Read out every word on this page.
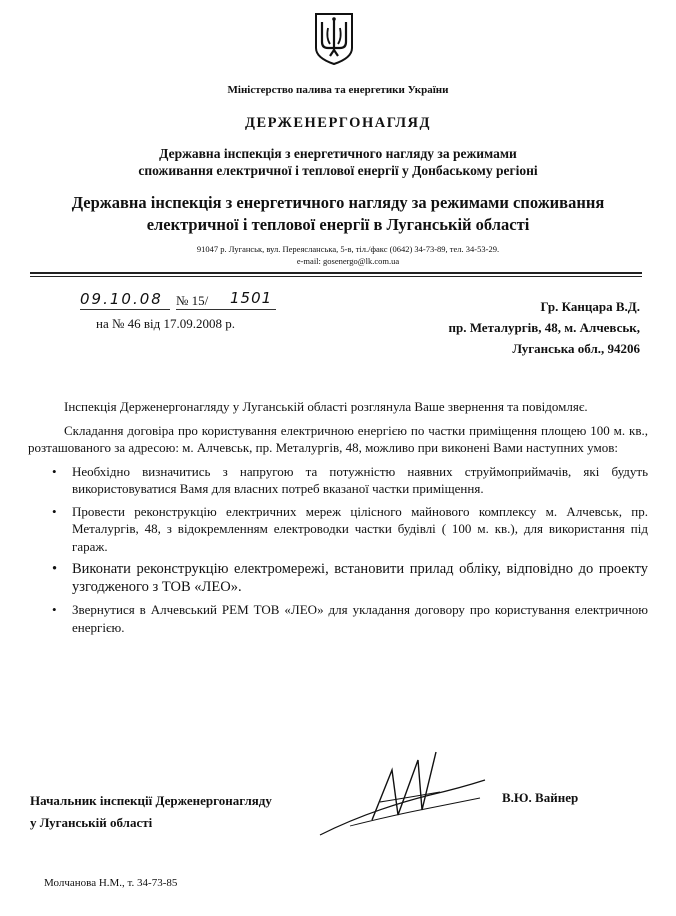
Міністерство палива та енергетики України
ДЕРЖЕНЕРГОНАГЛЯД
Державна інспекція з енергетичного нагляду за режимами
споживання електричної і теплової енергії у Донбаському регіоні
Державна інспекція з енергетичного нагляду за режимами споживання
електричної і теплової енергії в Луганській області
91047 р. Луганськ, вул. Переясланська, 5-в, тіл./факс (0642) 34-73-89, тел. 34-53-29.
e-mail: gosenergo@lk.com.ua
09.10.08 № 15/ 1501
на № 46 від 17.09.2008 р.
Гр. Канцара В.Д.
пр. Металургів, 48, м. Алчевськ,
Луганська обл., 94206

Інспекція Держенергонагляду у Луганській області розглянула Ваше звернення та повідомляє.

Складання договіра про користування електричною енергією по частки приміщення площею 100 м. кв., розташованого за адресою: м. Алчевськ, пр. Металургів, 48, можливо при виконені Вами наступних умов:

• Необхідно визначитись з напругою та потужністю наявних струймоприймачів, які будуть використовуватися Вамя для власних потреб вказаної частки приміщення.
• Провести реконструкцію електричних мереж цілісного майнового комплексу м. Алчевськ, пр. Металургів, 48, з відокремленням електроводки частки будівлі ( 100 м. кв.), для використання під гараж.
• Виконати реконструкцію електромережі, встановити прилад обліку, відповідно до проекту узгодженого з ТОВ «ЛЕО».
• Звернутися в Алчевський РЕМ ТОВ «ЛЕО» для укладання договору про користування електричною енергією.
Начальник інспекції Держенергонагляду
у Луганській області
В.Ю. Вайнер
Молчанова Н.М., т. 34-73-85
